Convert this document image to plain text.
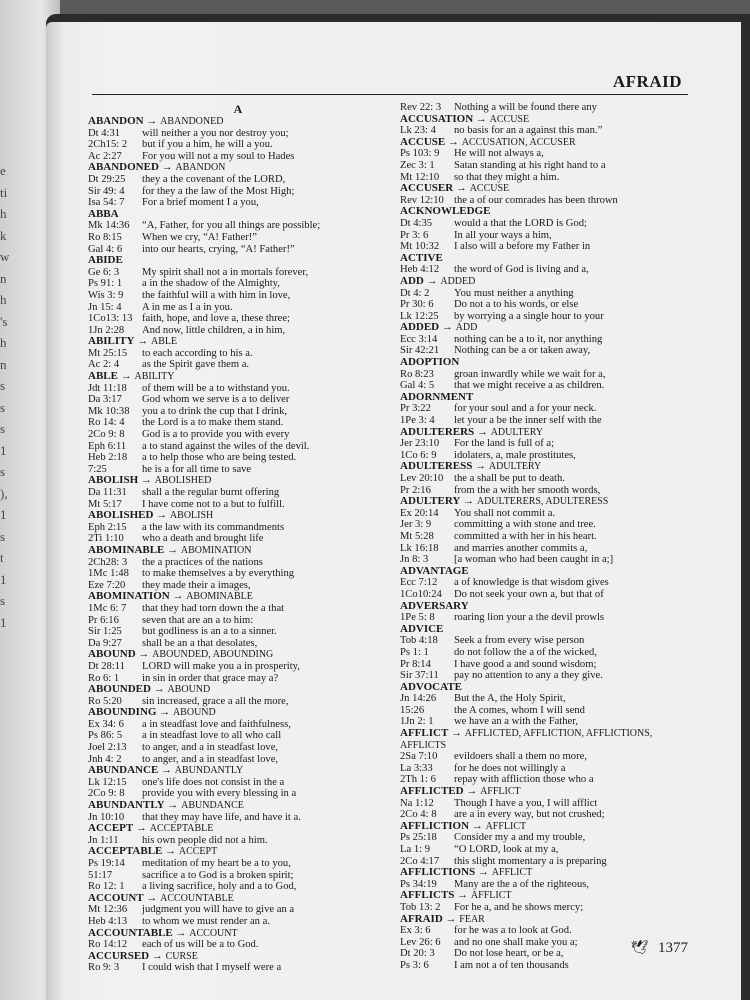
e
ti
h
k
w
n
h
's
h
n
s
s
s
1
s
),
1
s
t
1
s
1
AFRAID
A
ABANDON → ABANDONED
Dt 4:31 will neither a you nor destroy you;
2Ch15: 2 but if you a him, he will a you.
Ac 2:27 For you will not a my soul to Hades
ABANDONED → ABANDON
Dt 29:25 they a the covenant of the LORD,
Sir 49: 4 for they a the law of the Most High;
Isa 54: 7 For a brief moment I a you,
ABBA
Mk 14:36 “A, Father, for you all things are possible;
Ro 8:15 When we cry, “A! Father!”
Gal 4: 6 into our hearts, crying, “A! Father!”
ABIDE
Ge 6: 3 My spirit shall not a in mortals forever,
Ps 91: 1 a in the shadow of the Almighty,
Wis 3: 9 the faithful will a with him in love,
Jn 15: 4 A in me as I a in you.
1Co13: 13 faith, hope, and love a, these three;
1Jn 2:28 And now, little children, a in him,
ABILITY → ABLE
Mt 25:15 to each according to his a.
Ac 2: 4 as the Spirit gave them a.
ABLE → ABILITY
Jdt 11:18 of them will be a to withstand you.
Da 3:17 God whom we serve is a to deliver
Mk 10:38 you a to drink the cup that I drink,
Ro 14: 4 the Lord is a to make them stand.
2Co 9: 8 God is a to provide you with every
Eph 6:11 a to stand against the wiles of the devil.
Heb 2:18 a to help those who are being tested.
7:25	he is a for all time to save
ABOLISH → ABOLISHED
Da 11:31 shall a the regular burnt offering
Mt 5:17 I have come not to a but to fulfill.
ABOLISHED → ABOLISH
Eph 2:15 a the law with its commandments
2Ti 1:10 who a death and brought life
ABOMINABLE → ABOMINATION
2Ch28: 3 the a practices of the nations
1Mc 1:48 to make themselves a by everything
Eze 7:20 they made their a images,
ABOMINATION → ABOMINABLE
1Mc 6: 7 that they had torn down the a that
Pr 6:16 seven that are an a to him:
Sir 1:25 but godliness is an a to a sinner.
Da 9:27 shall be an a that desolates,
ABOUND → ABOUNDED, ABOUNDING
Dt 28:11 LORD will make you a in prosperity,
Ro 6: 1 in sin in order that grace may a?
ABOUNDED → ABOUND
Ro 5:20 sin increased, grace a all the more,
ABOUNDING → ABOUND
Ex 34: 6 a in steadfast love and faithfulness,
Ps 86: 5 a in steadfast love to all who call
Joel 2:13 to anger, and a in steadfast love,
Jnh 4: 2 to anger, and a in steadfast love,
ABUNDANCE → ABUNDANTLY
Lk 12:15 one's life does not consist in the a
2Co 9: 8 provide you with every blessing in a
ABUNDANTLY → ABUNDANCE
Jn 10:10 that they may have life, and have it a.
ACCEPT → ACCEPTABLE
Jn 1:11 his own people did not a him.
ACCEPTABLE → ACCEPT
Ps 19:14 meditation of my heart be a to you,
51:17	sacrifice a to God is a broken spirit;
Ro 12: 1 a living sacrifice, holy and a to God,
ACCOUNT → ACCOUNTABLE
Mt 12:36 judgment you will have to give an a
Heb 4:13 to whom we must render an a.
ACCOUNTABLE → ACCOUNT
Ro 14:12 each of us will be a to God.
ACCURSED → CURSE
Ro 9: 3 I could wish that I myself were a
Rev 22: 3 Nothing a will be found there any
ACCUSATION → ACCUSE
Lk 23: 4 no basis for an a against this man.”
ACCUSE → ACCUSATION, ACCUSER
Ps 103: 9 He will not always a,
Zec 3: 1 Satan standing at his right hand to a
Mt 12:10 so that they might a him.
ACCUSER → ACCUSE
Rev 12:10 the a of our comrades has been thrown
ACKNOWLEDGE
Dt 4:35 would a that the LORD is God;
Pr 3: 6 In all your ways a him,
Mt 10:32 I also will a before my Father in
ACTIVE
Heb 4:12 the word of God is living and a,
ADD → ADDED
Dt 4: 2 You must neither a anything
Pr 30: 6 Do not a to his words, or else
Lk 12:25 by worrying a a single hour to your
ADDED → ADD
Ecc 3:14 nothing can be a to it, nor anything
Sir 42:21 Nothing can be a or taken away,
ADOPTION
Ro 8:23 groan inwardly while we wait for a,
Gal 4: 5 that we might receive a as children.
ADORNMENT
Pr 3:22 for your soul and a for your neck.
1Pe 3: 4 let your a be the inner self with the
ADULTERERS → ADULTERY
Jer 23:10 For the land is full of a;
1Co 6: 9 idolaters, a, male prostitutes,
ADULTERESS → ADULTERY
Lev 20:10 the a shall be put to death.
Pr 2:16 from the a with her smooth words,
ADULTERY → ADULTERERS, ADULTERESS
Ex 20:14 You shall not commit a.
Jer 3: 9 committing a with stone and tree.
Mt 5:28 committed a with her in his heart.
Lk 16:18 and marries another commits a,
Jn 8: 3 [a woman who had been caught in a;]
ADVANTAGE
Ecc 7:12 a of knowledge is that wisdom gives
1Co10:24 Do not seek your own a, but that of
ADVERSARY
1Pe 5: 8 roaring lion your a the devil prowls
ADVICE
Tob 4:18 Seek a from every wise person
Ps 1: 1 do not follow the a of the wicked,
Pr 8:14 I have good a and sound wisdom;
Sir 37:11 pay no attention to any a they give.
ADVOCATE
Jn 14:26 But the A, the Holy Spirit,
15:26	the A comes, whom I will send
1Jn 2: 1 we have an a with the Father,
AFFLICT → AFFLICTED, AFFLICTION, AFFLICTIONS, AFFLICTS
2Sa 7:10 evildoers shall a them no more,
La 3:33 for he does not willingly a
2Th 1: 6 repay with affliction those who a
AFFLICTED → AFFLICT
Na 1:12 Though I have a you, I will afflict
2Co 4: 8 are a in every way, but not crushed;
AFFLICTION → AFFLICT
Ps 25:18 Consider my a and my trouble,
La 1: 9 “O LORD, look at my a,
2Co 4:17 this slight momentary a is preparing
AFFLICTIONS → AFFLICT
Ps 34:19 Many are the a of the righteous,
AFFLICTS → AFFLICT
Tob 13: 2 For he a, and he shows mercy;
AFRAID → FEAR
Ex 3: 6 for he was a to look at God.
Lev 26: 6 and no one shall make you a;
Dt 20: 3 Do not lose heart, or be a,
Ps 3: 6 I am not a of ten thousands
🕊 1377
